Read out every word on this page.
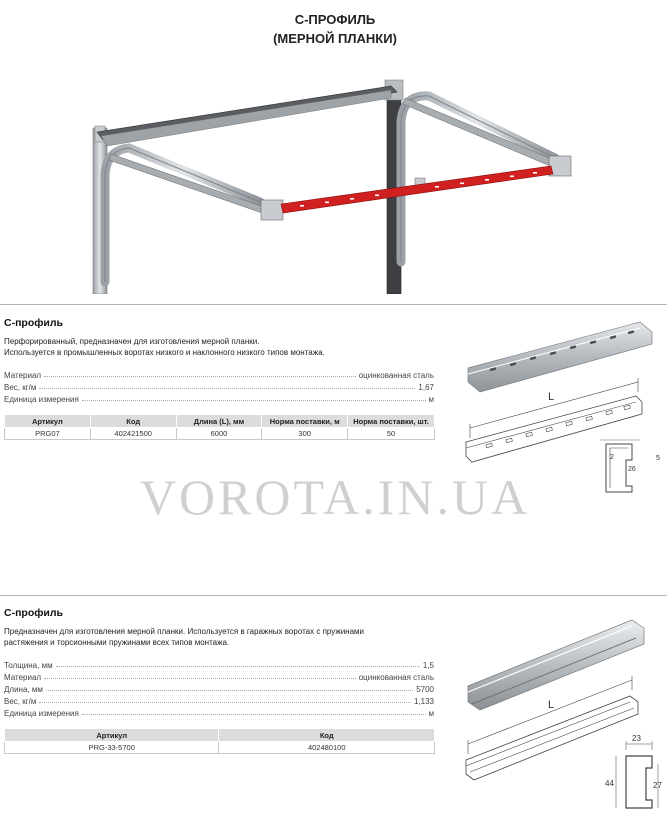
С-ПРОФИЛЬ
(МЕРНОЙ ПЛАНКИ)
С-профиль
Перфорированный, предназначен для изготовления мерной планки.
Используется в промышленных воротах низкого и наклонного низкого типов монтажа.
Материал	оцинкованная сталь
Вес, кг/м	1,67
Единица измерения	м
Артикул	Код	Длина (L), мм	Норма поставки, м	Норма поставки, шт.
PRG07	402421500	6000	300	50
L
2	5
26
VOROTA.IN.UA
С-профиль
Предназначен для изготовления мерной планки. Используется в гаражных воротах с пружинами
растяжения и торсионными пружинами всех типов монтажа.
Толщина, мм	1,5
Материал	оцинкованная сталь
Длина, мм	5700
Вес, кг/м	1,133
Единица измерения	м
Артикул	Код
PRG-33-5700	402480100
L
23
44	27
